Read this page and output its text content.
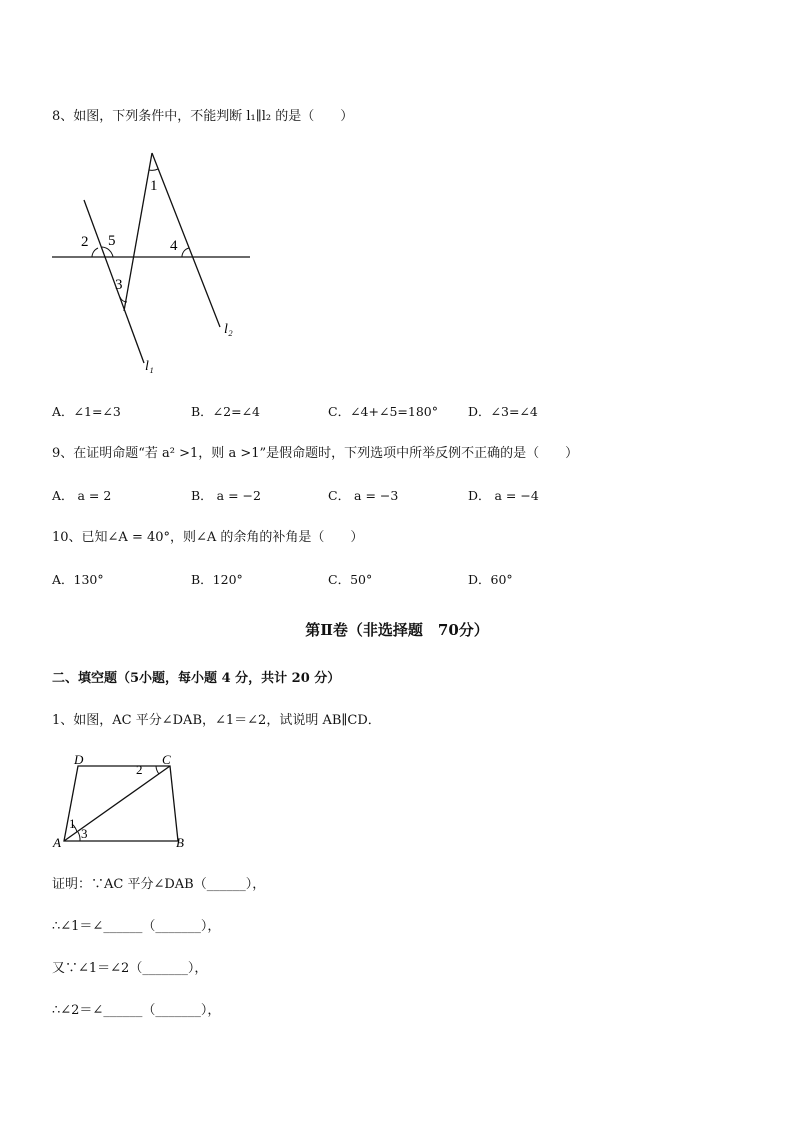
8、如图，下列条件中，不能判断 l₁∥l₂ 的是（　　）
1
2 5
3
4
l₂
l₁
A．∠1=∠3	B．∠2=∠4	C．∠4+∠5=180° D．∠3=∠4
9、在证明命题“若 a² >1，则 a >1”是假命题时，下列选项中所举反例不正确的是（　　）
A． a = 2	B． a = −2	C． a = −3	D． a = −4
10、已知∠A = 40°，则∠A 的余角的补角是（　　）
A．130°	B．120°	C．50°	D．60°
第Ⅱ卷（非选择题　70分）
二、填空题（5小题，每小题 4 分，共计 20 分）
1、如图，AC 平分∠DAB，∠1＝∠2，试说明 AB∥CD．
D	C
A	B
1
2
3
证明：∵AC 平分∠DAB（______），
∴∠1＝∠______（_______），
又∵∠1＝∠2（_______），
∴∠2＝∠______（_______），
